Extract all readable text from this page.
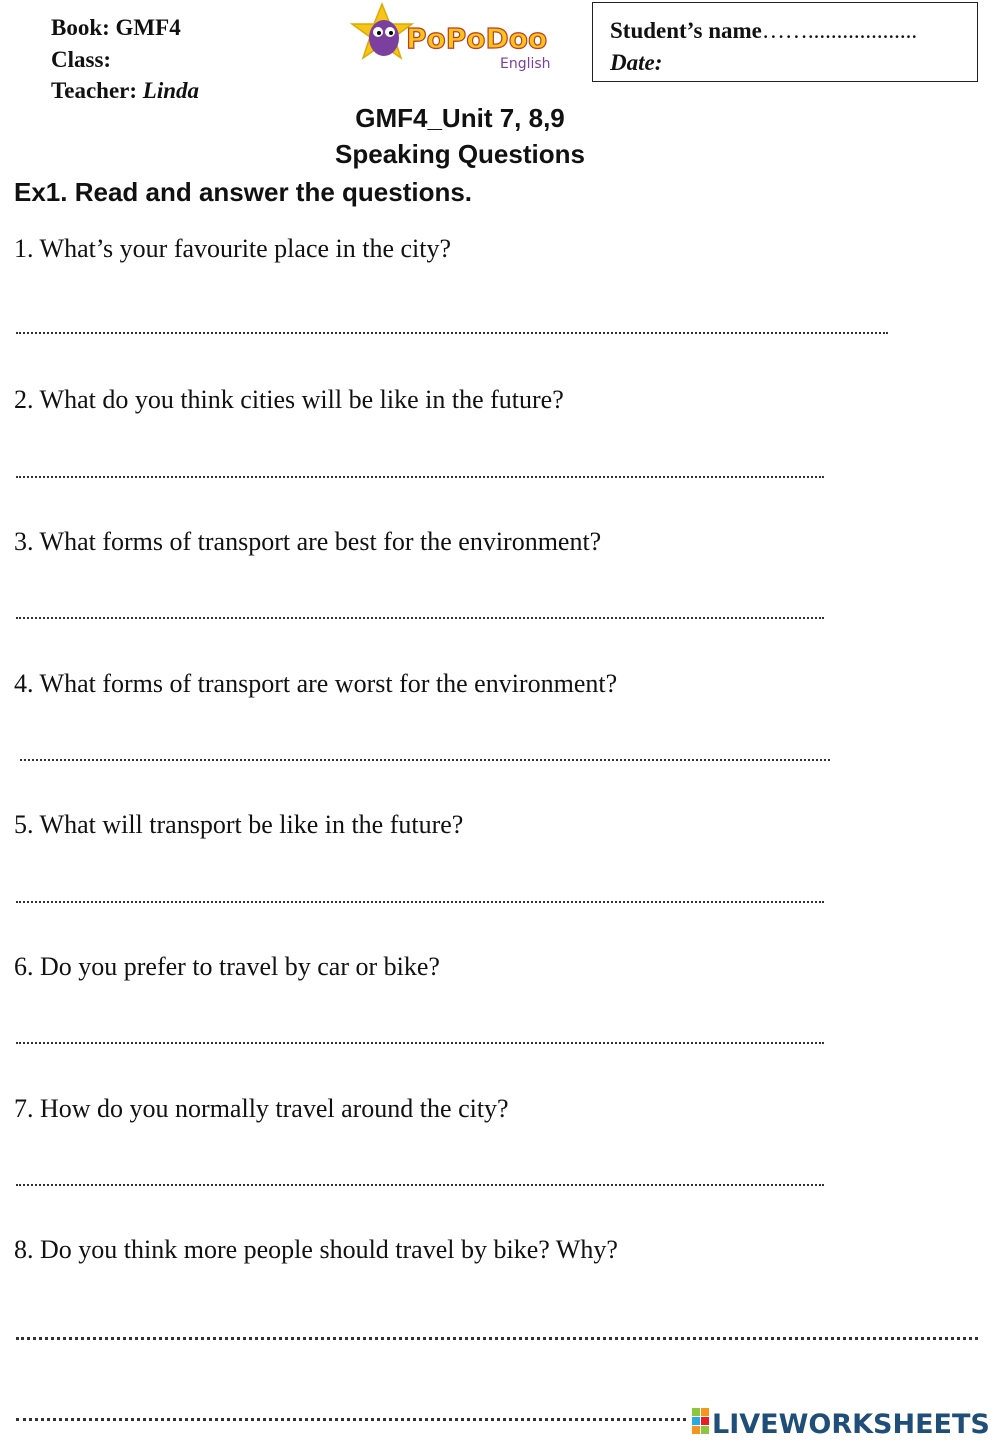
Book: GMF4
Class:
Teacher: Linda
PoPoDoo
English
Student’s name……...................
Date:
GMF4_Unit 7, 8,9
Speaking Questions
Ex1. Read and answer the questions.
1. What’s your favourite place in the city?
2. What do you think cities will be like in the future?
3. What forms of transport are best for the environment?
4. What forms of transport are worst for the environment?
5. What will transport be like in the future?
6. Do you prefer to travel by car or bike?
7. How do you normally travel around the city?
8. Do you think more people should travel by bike? Why?
LIVEWORKSHEETS
